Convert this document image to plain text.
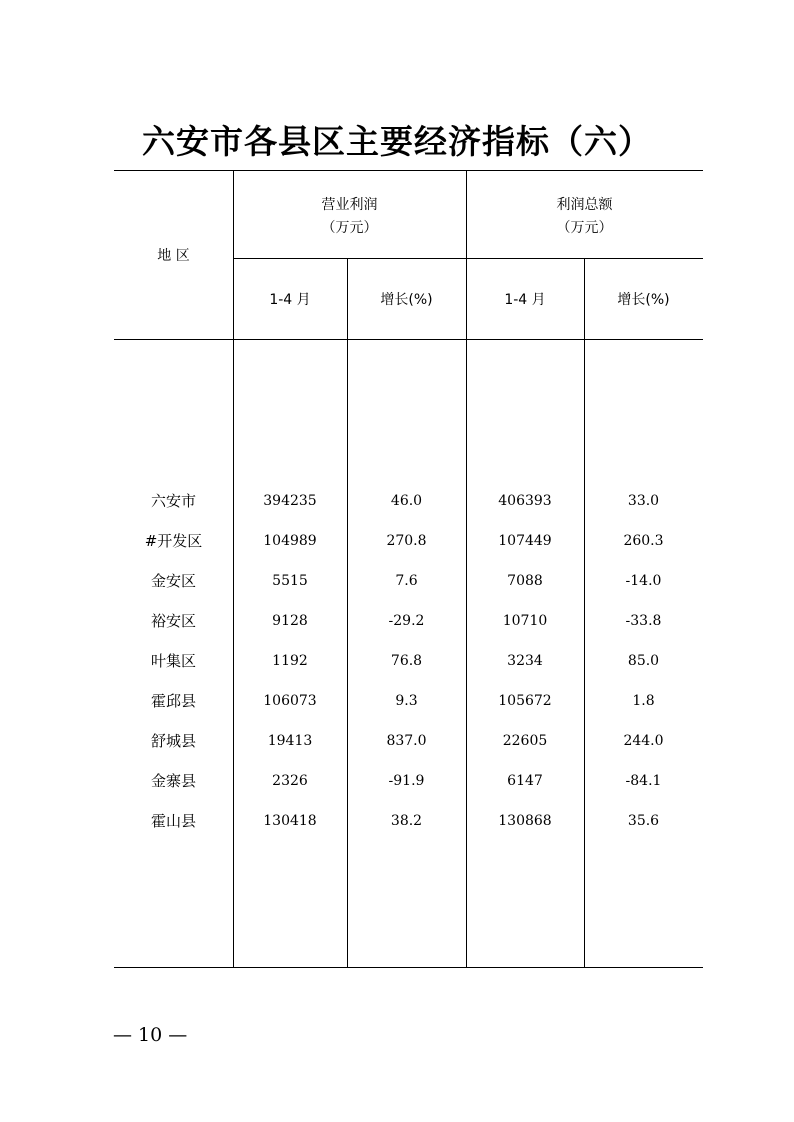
六安市各县区主要经济指标（六）
地 区
营业利润
（万元）
利润总额
（万元）
1-4 月	增长(%)	1-4 月	增长(%)
六安市	394235	46.0	406393	33.0
#开发区	104989	270.8	107449	260.3
金安区	5515	7.6	7088	-14.0
裕安区	9128	-29.2	10710	-33.8
叶集区	1192	76.8	3234	85.0
霍邱县	106073	9.3	105672	1.8
舒城县	19413	837.0	22605	244.0
金寨县	2326	-91.9	6147	-84.1
霍山县	130418	38.2	130868	35.6
— 10 —
